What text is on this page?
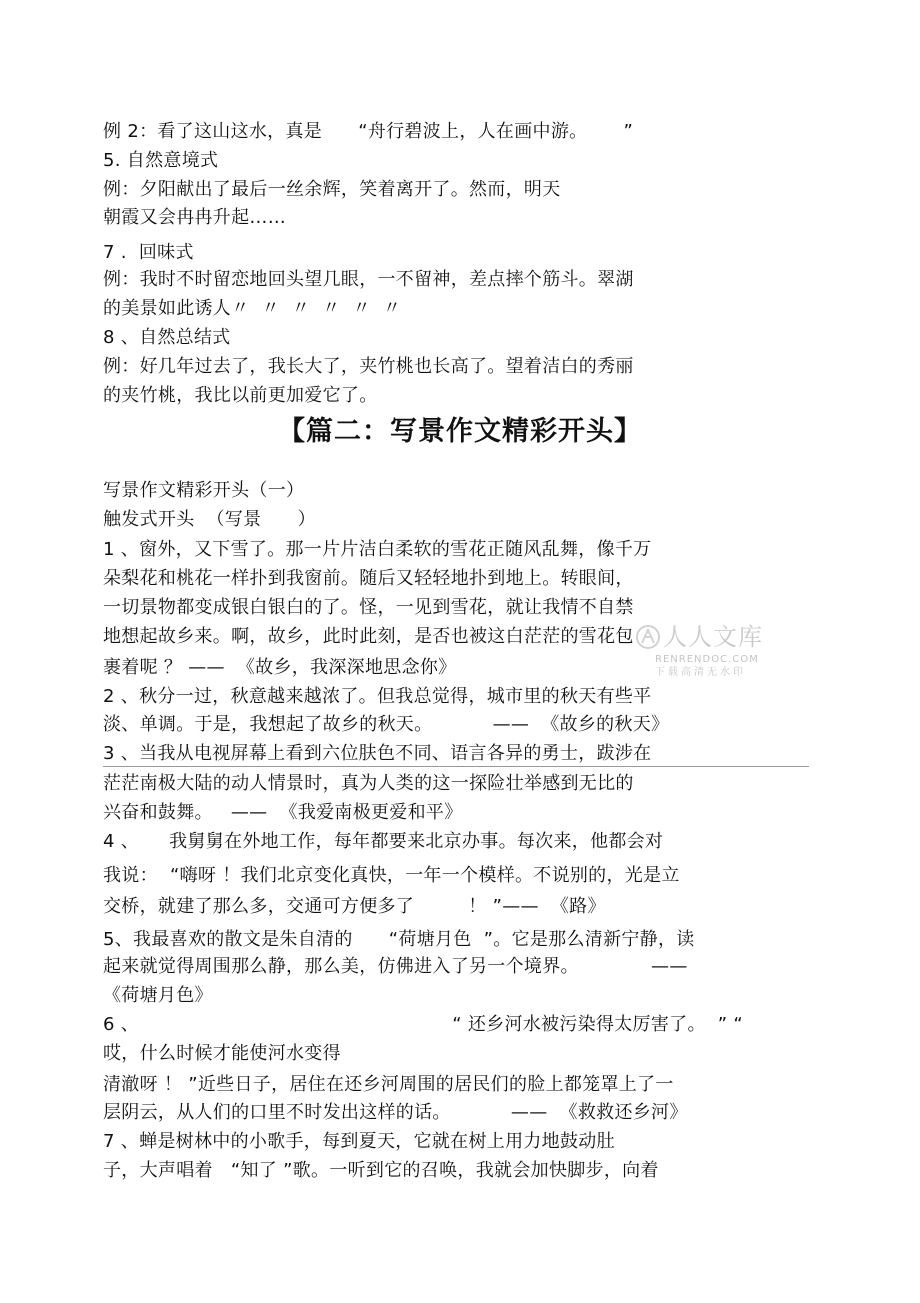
例 2：看了这山这水，真是      “舟行碧波上，人在画中游。      ”
5. 自然意境式
例：夕阳献出了最后一丝余辉，笑着离开了。然而，明天
朝霞又会冉冉升起……
7 .  回味式
例：我时不时留恋地回头望几眼，一不留神，差点摔个筋斗。翠湖
的美景如此诱人〃  〃  〃  〃  〃  〃
8 、自然总结式
例：好几年过去了，我长大了，夹竹桃也长高了。望着洁白的秀丽
的夹竹桃，我比以前更加爱它了。
【篇二：写景作文精彩开头】
写景作文精彩开头（一）
触发式开头  （写景      ）
1 、窗外，又下雪了。那一片片洁白柔软的雪花正随风乱舞，像千万
朵梨花和桃花一样扑到我窗前。随后又轻轻地扑到地上。转眼间，
一切景物都变成银白银白的了。怪，一见到雪花，就让我情不自禁
地想起故乡来。啊，故乡，此时此刻，是否也被这白茫茫的雪花包
裹着呢 ？ ——  《故乡，我深深地思念你》
2 、秋分一过，秋意越来越浓了。但我总觉得，城市里的秋天有些平
淡、单调。于是，我想起了故乡的秋天。          ——  《故乡的秋天》
3 、当我从电视屏幕上看到六位肤色不同、语言各异的勇士，跋涉在
茫茫南极大陆的动人情景时，真为人类的这一探险壮举感到无比的
兴奋和鼓舞。   ——  《我爱南极更爱和平》
4 、     我舅舅在外地工作，每年都要来北京办事。每次来，他都会对
我说：  “嗨呀 ！我们北京变化真快，一年一个模样。不说别的，光是立
交桥，就建了那么多，交通可方便多了         ！ ”——  《路》
5、我最喜欢的散文是朱自清的      “荷塘月色  ”。它是那么清新宁静，读
起来就觉得周围那么静，那么美，仿佛进入了另一个境界。            ——
《荷塘月色》
6 、                                                    “ 还乡河水被污染得太厉害了。  ” “
哎，什么时候才能使河水变得
清澈呀 ！ ”近些日子，居住在还乡河周围的居民们的脸上都笼罩上了一
层阴云，从人们的口里不时发出这样的话。          ——  《救救还乡河》
7 、蝉是树林中的小歌手，每到夏天，它就在树上用力地鼓动肚
子，大声唱着   “知了 ”歌。一听到它的召唤，我就会加快脚步，向着
人人文库
RENRENDOC.COM
下载高清无水印
